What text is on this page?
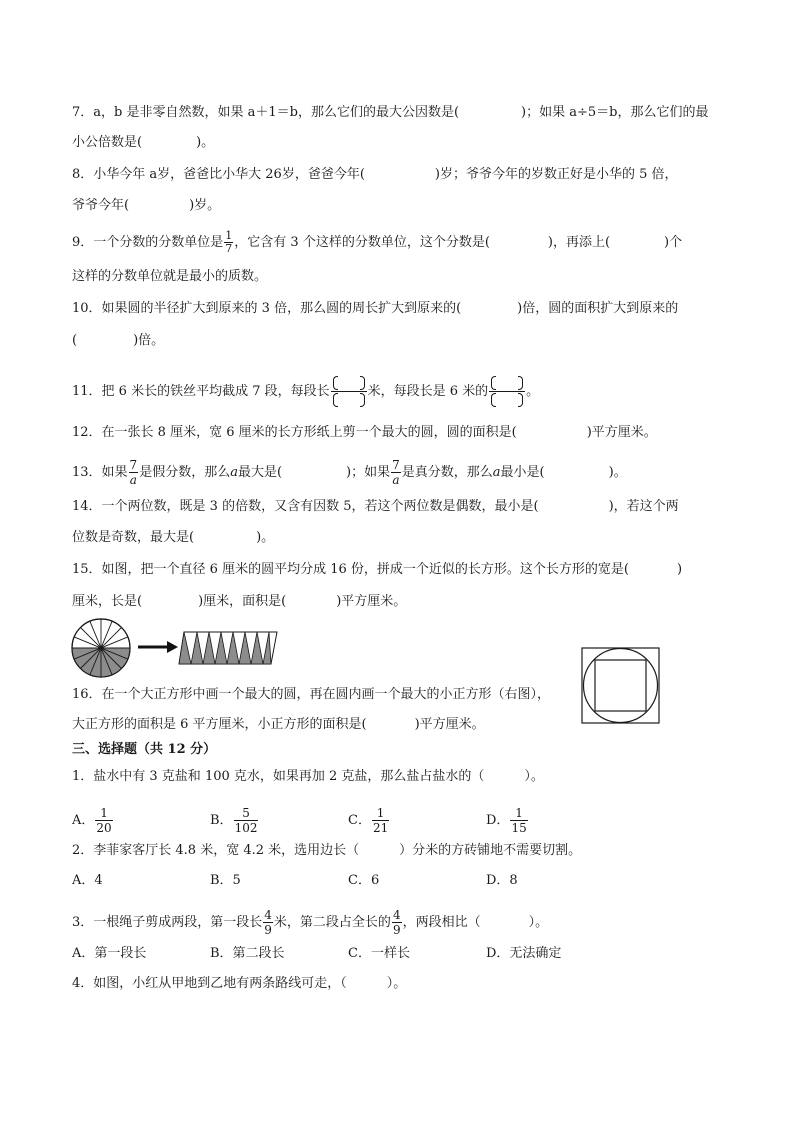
7．a，b 是非零自然数，如果 a＋1＝b，那么它们的最大公因数是(	)；如果 a÷5＝b，那么它们的最
小公倍数是(	)。
8．小华今年 a岁，爸爸比小华大 26岁，爸爸今年(	)岁；爷爷今年的岁数正好是小华的 5 倍，
爷爷今年(	)岁。
9．一个分数的分数单位是 $\frac{1}{7}$ ，它含有 3 个这样的分数单位，这个分数是(	)，再添上(	)个
这样的分数单位就是最小的质数。
10．如果圆的半径扩大到原来的 3 倍，那么圆的周长扩大到原来的(	)倍，圆的面积扩大到原来的
(	)倍。
11．把 6 米长的铁丝平均截成 7 段，每段长	米，每段长是 6 米的	。
12．在一张长 8 厘米，宽 6 厘米的长方形纸上剪一个最大的圆，圆的面积是(	)平方厘米。
13．如果 $\frac{7}{a}$ 是假分数，那么a最大是(	)；如果 $\frac{7}{a}$ 是真分数，那么a最小是(	)。
14．一个两位数，既是 3 的倍数，又含有因数 5，若这个两位数是偶数，最小是(	)，若这个两
位数是奇数，最大是(	)。
15．如图，把一个直径 6 厘米的圆平均分成 16 份，拼成一个近似的长方形。这个长方形的宽是(	)
厘米，长是(	)厘米，面积是(	)平方厘米。
16．在一个大正方形中画一个最大的圆，再在圆内画一个最大的小正方形（右图），
大正方形的面积是 6 平方厘米，小正方形的面积是(	)平方厘米。
三、选择题（共 12 分）
1．盐水中有 3 克盐和 100 克水，如果再加 2 克盐，那么盐占盐水的（	）。
A． $\frac{1}{20}$	B． $\frac{5}{102}$	C． $\frac{1}{21}$	D． $\frac{1}{15}$
2．李菲家客厅长 4.8 米，宽 4.2 米，选用边长（	）分米的方砖铺地不需要切割。
A．4	B．5	C．6	D．8
3．一根绳子剪成两段，第一段长 $\frac{4}{9}$ 米，第二段占全长的 $\frac{4}{9}$ ，两段相比（	）。
A．第一段长	B．第二段长	C．一样长	D．无法确定
4．如图，小红从甲地到乙地有两条路线可走，（	）。
